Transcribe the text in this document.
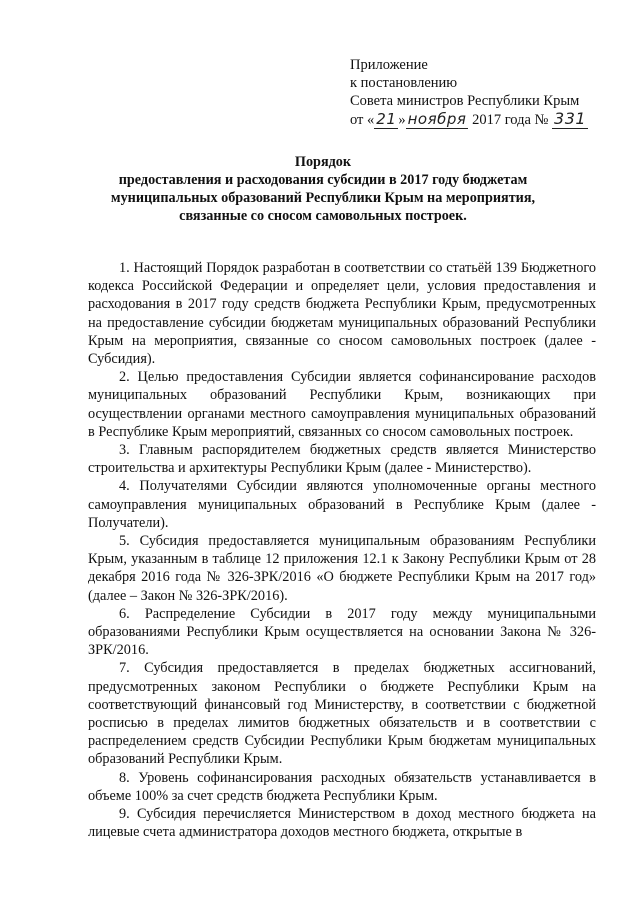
Приложение
к постановлению
Совета министров Республики Крым
от « 21 » ноября 2017 года № 331
Порядок
предоставления и расходования субсидии в 2017 году бюджетам
муниципальных образований Республики Крым на мероприятия,
связанные со сносом самовольных построек.

1. Настоящий Порядок разработан в соответствии со статьёй 139 Бюджетного кодекса Российской Федерации и определяет цели, условия предоставления и расходования в 2017 году средств бюджета Республики Крым, предусмотренных на предоставление субсидии бюджетам муниципальных образований Республики Крым на мероприятия, связанные со сносом самовольных построек (далее - Субсидия).

2. Целью предоставления Субсидии является софинансирование расходов муниципальных образований Республики Крым, возникающих при осуществлении органами местного самоуправления муниципальных образований в Республике Крым мероприятий, связанных со сносом самовольных построек.

3. Главным распорядителем бюджетных средств является Министерство строительства и архитектуры Республики Крым (далее - Министерство).

4. Получателями Субсидии являются уполномоченные органы местного самоуправления муниципальных образований в Республике Крым (далее - Получатели).

5. Субсидия предоставляется муниципальным образованиям Республики Крым, указанным в таблице 12 приложения 12.1 к Закону Республики Крым от 28 декабря 2016 года № 326-ЗРК/2016 «О бюджете Республики Крым на 2017 год» (далее – Закон № 326-ЗРК/2016).

6. Распределение Субсидии в 2017 году между муниципальными образованиями Республики Крым осуществляется на основании Закона № 326-ЗРК/2016.

7. Субсидия предоставляется в пределах бюджетных ассигнований, предусмотренных законом Республики о бюджете Республики Крым на соответствующий финансовый год Министерству, в соответствии с бюджетной росписью в пределах лимитов бюджетных обязательств и в соответствии с распределением средств Субсидии Республики Крым бюджетам муниципальных образований Республики Крым.

8. Уровень софинансирования расходных обязательств устанавливается в объеме 100% за счет средств бюджета Республики Крым.

9. Субсидия перечисляется Министерством в доход местного бюджета на лицевые счета администратора доходов местного бюджета, открытые в
